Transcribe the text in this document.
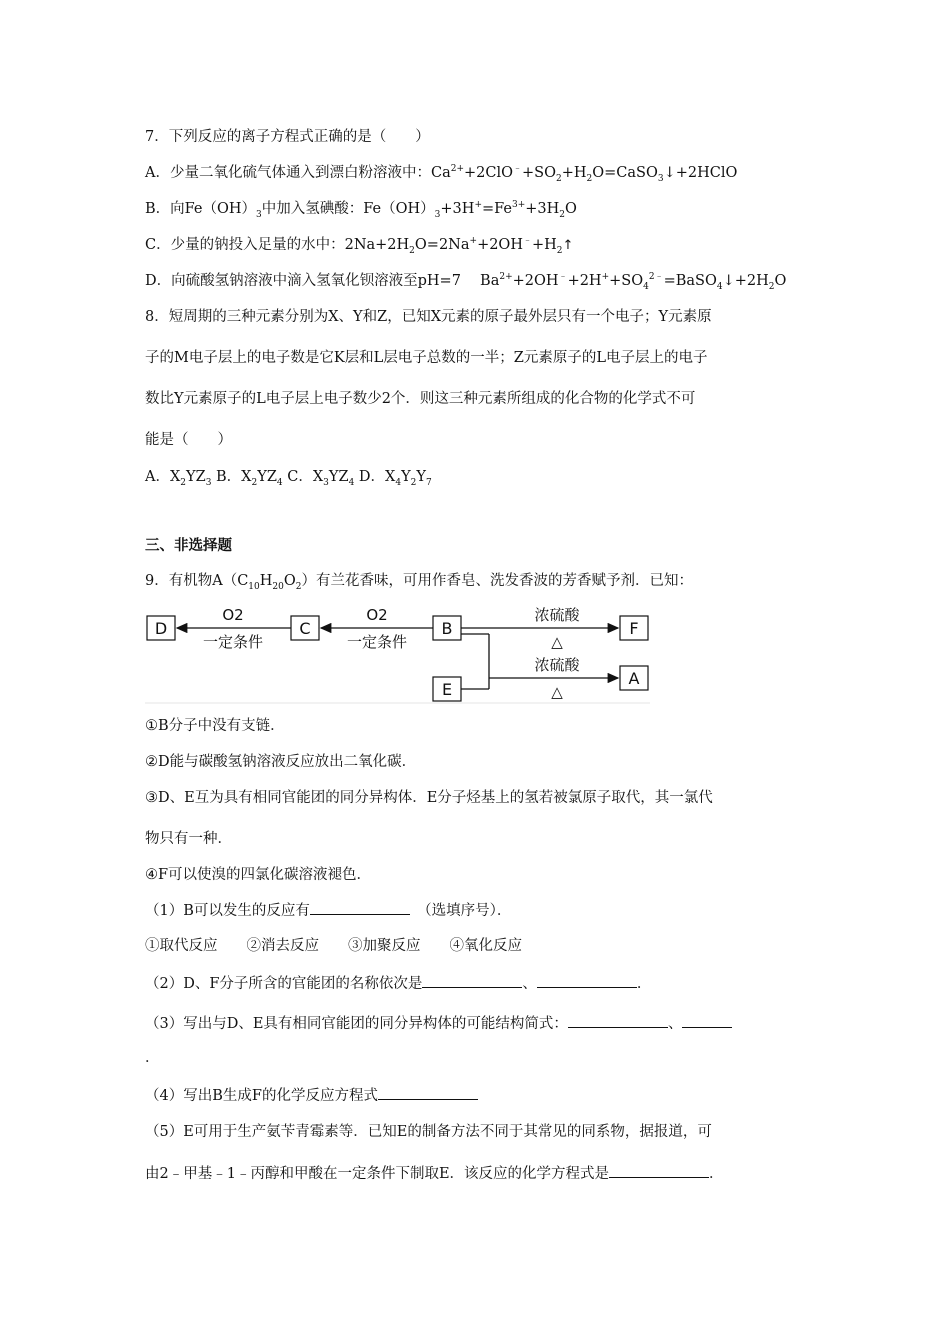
7．下列反应的离子方程式正确的是（　　）
A．少量二氧化硫气体通入到漂白粉溶液中：$Ca^{2+}+2ClO^﹣+SO_2+H_2O=CaSO_3↓+2HClO$
B．向$Fe(OH)_3$中加入氢碘酸：$Fe(OH)_3+3H^+=Fe^{3+}+3H_2O$
C．少量的钠投入足量的水中：$2Na+2H_2O=2Na^++2OH^﹣+H_2↑$
D．向硫酸氢钠溶液中滴入氢氧化钡溶液至pH=7　 $Ba^{2+}+2OH^﹣+2H^++SO_4^{2﹣}=BaSO_4↓+2H_2O$
8．短周期的三种元素分别为X、Y和Z，已知X元素的原子最外层只有一个电子；Y元素原
子的M电子层上的电子数是它K层和L层电子总数的一半；Z元素原子的L电子层上的电子
数比Y元素原子的L电子层上电子数少2个．则这三种元素所组成的化合物的化学式不可
能是（　　）
A．$X_2YZ_3$ B．$X_2YZ_4$ C．$X_3YZ_4$ D．$X_4Y_2Y_7$
三、非选择题
9．有机物$A(C_{10}H_{20}O_2)$有兰花香味，可用作香皂、洗发香波的芳香赋予剂．已知：
D	C	B	F
E
A
O2
一定条件
O2
一定条件
浓硫酸
△
浓硫酸
△
①B分子中没有支链．
②D能与碳酸氢钠溶液反应放出二氧化碳．
③D、E互为具有相同官能团的同分异构体．E分子烃基上的氢若被氯原子取代，其一氯代
物只有一种．
④F可以使溴的四氯化碳溶液褪色．
（1）B可以发生的反应有　	（选填序号）．
①取代反应　　②消去反应　　③加聚反应　　④氧化反应
（2）D、F分子所含的官能团的名称依次是	、	．
（3）写出与D、E具有相同官能团的同分异构体的可能结构简式：	、
．
（4）写出B生成F的化学反应方程式
（5）E可用于生产氨苄青霉素等．已知E的制备方法不同于其常见的同系物，据报道，可
由2﹣甲基﹣1﹣丙醇和甲酸在一定条件下制取E．该反应的化学方程式是	．
